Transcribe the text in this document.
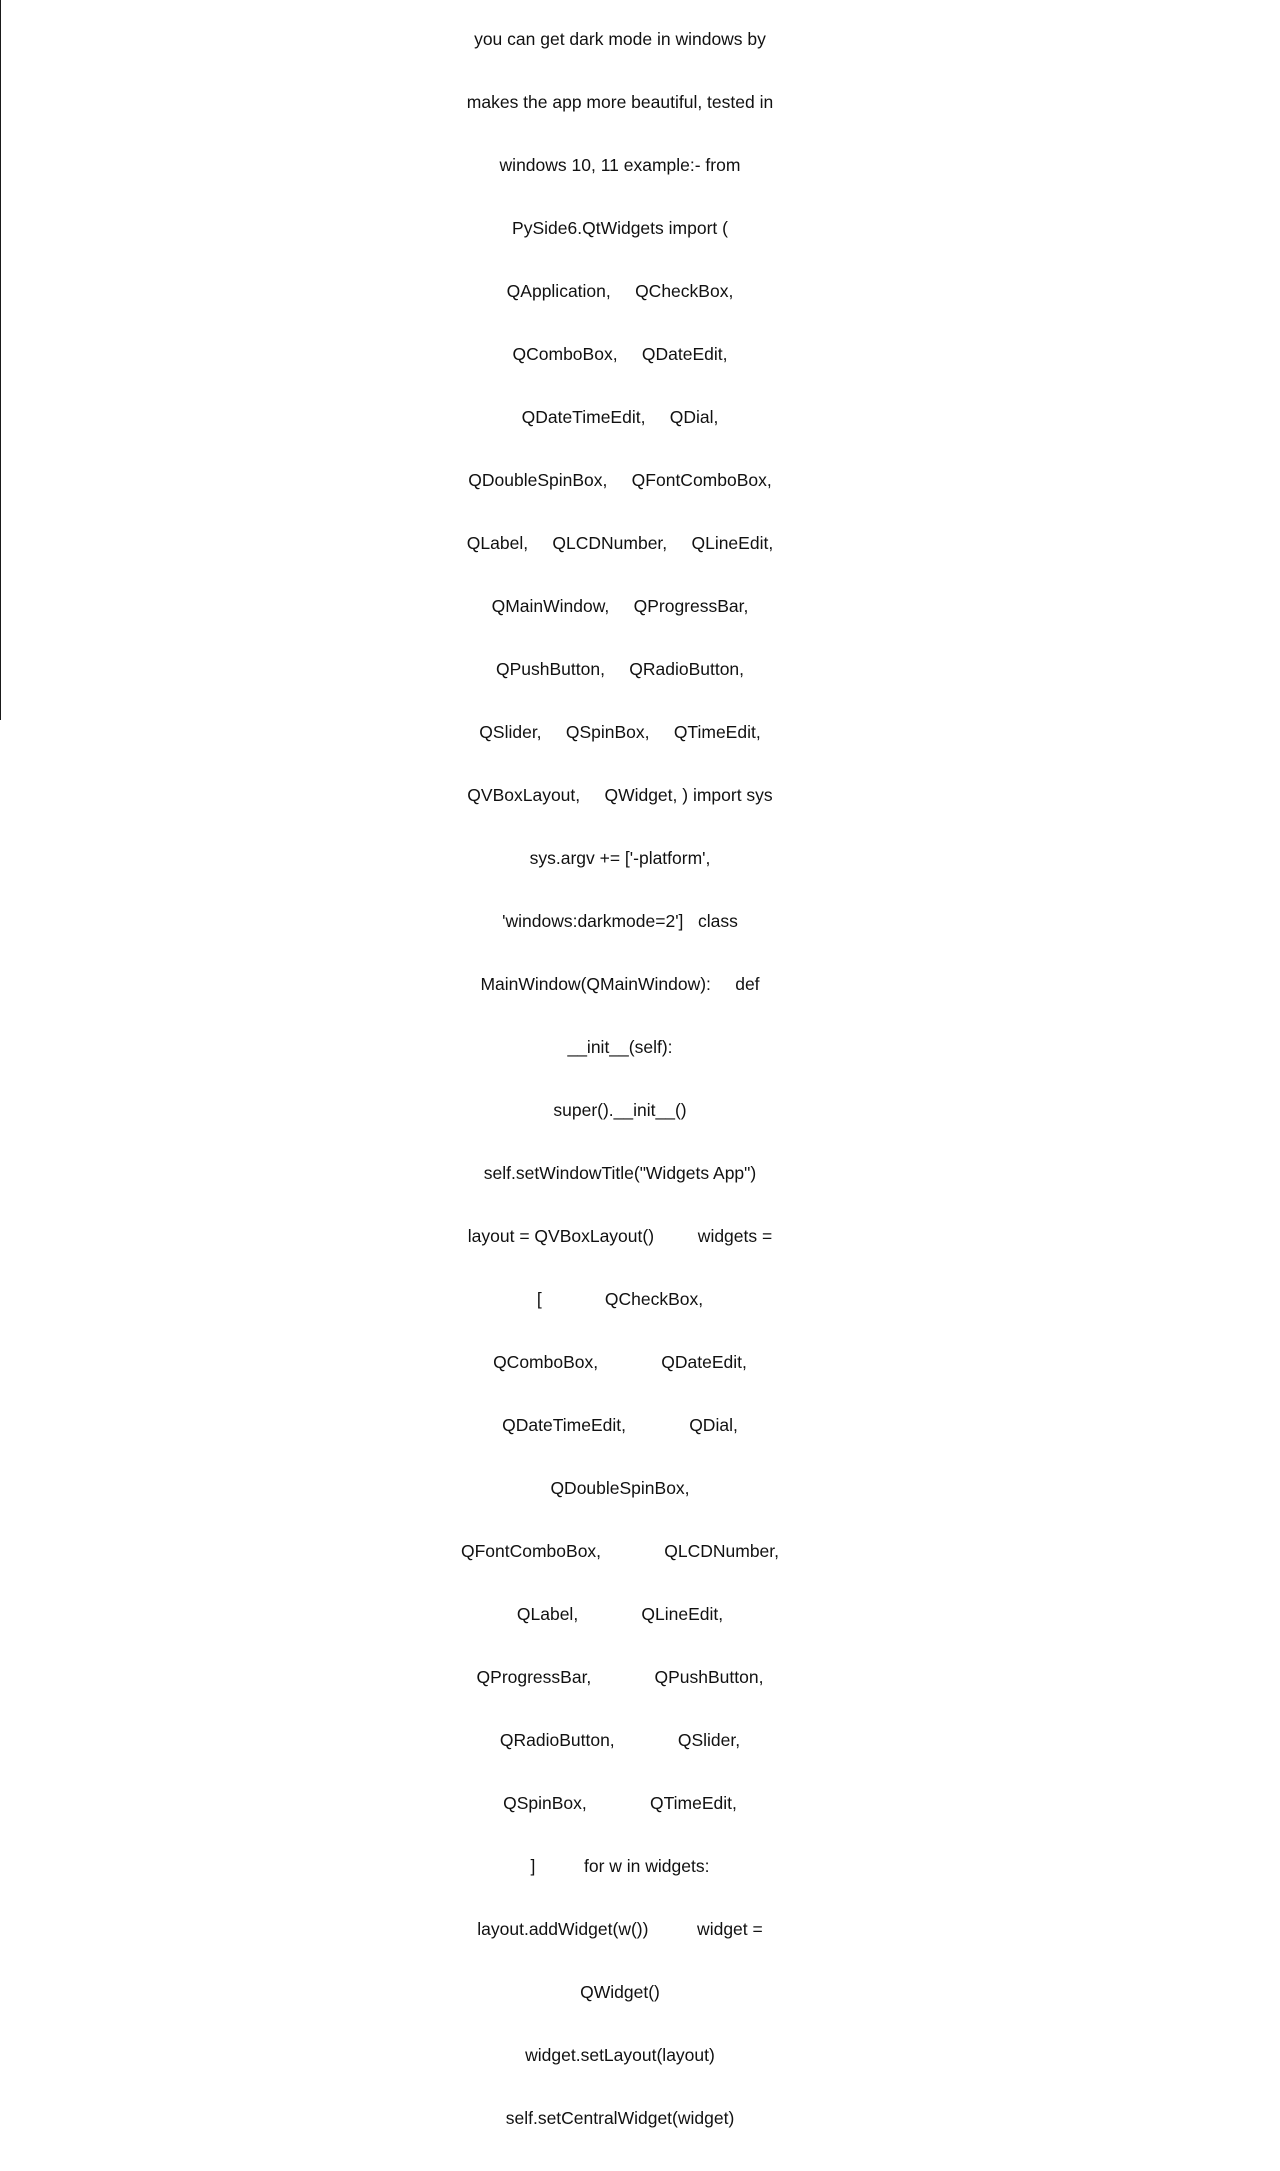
you can get dark mode in windows by

makes the app more beautiful, tested in

windows 10, 11 example:- from

PySide6.QtWidgets import (

QApplication,     QCheckBox,

QComboBox,     QDateEdit,

QDateTimeEdit,     QDial,

QDoubleSpinBox,     QFontComboBox,

QLabel,     QLCDNumber,     QLineEdit,

QMainWindow,     QProgressBar,

QPushButton,     QRadioButton,

QSlider,     QSpinBox,     QTimeEdit,

QVBoxLayout,     QWidget, ) import sys

sys.argv += ['-platform',

'windows:darkmode=2']   class

MainWindow(QMainWindow):     def

__init__(self):

super().__init__()

self.setWindowTitle("Widgets App")

layout = QVBoxLayout()         widgets =

[             QCheckBox,

QComboBox,             QDateEdit,

QDateTimeEdit,             QDial,

QDoubleSpinBox,

QFontComboBox,             QLCDNumber,

QLabel,             QLineEdit,

QProgressBar,             QPushButton,

QRadioButton,             QSlider,

QSpinBox,             QTimeEdit,

]          for w in widgets:

layout.addWidget(w())          widget =

QWidget()

widget.setLayout(layout)

self.setCentralWidget(widget)
